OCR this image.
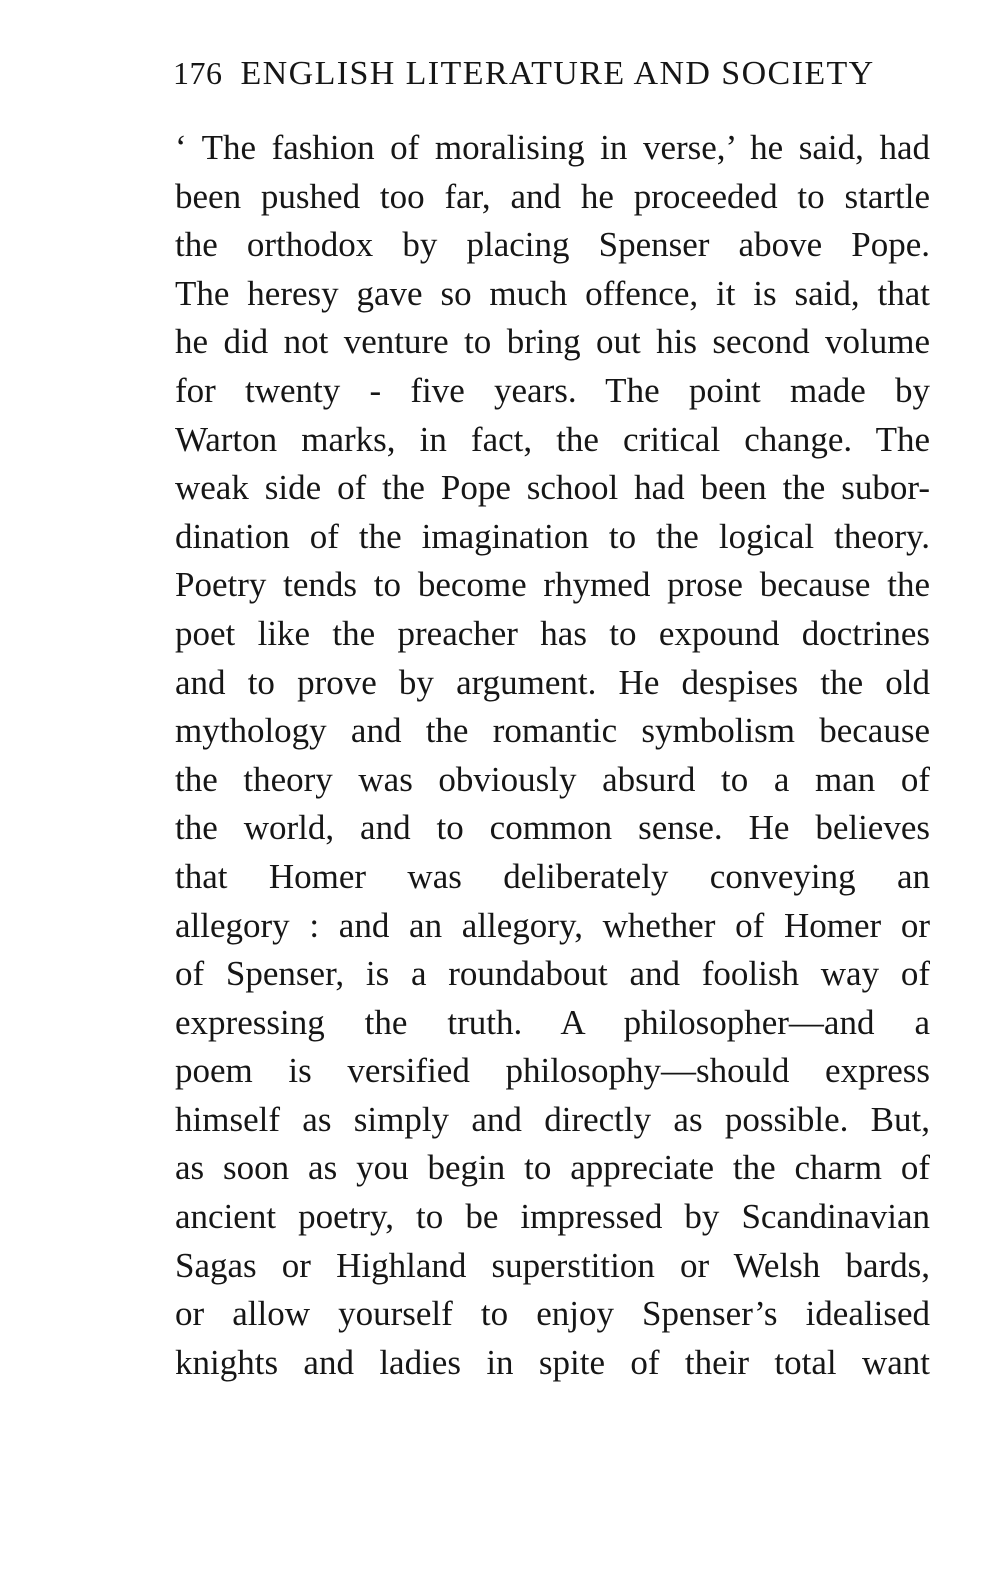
176 ENGLISH LITERATURE AND SOCIETY
‘ The fashion of moralising in verse,’ he said, had
been pushed too far, and he proceeded to startle
the orthodox by placing Spenser above Pope.
The heresy gave so much offence, it is said, that
he did not venture to bring out his second volume
for twenty - five years. The point made by
Warton marks, in fact, the critical change. The
weak side of the Pope school had been the subor-
dination of the imagination to the logical theory.
Poetry tends to become rhymed prose because the
poet like the preacher has to expound doctrines
and to prove by argument. He despises the old
mythology and the romantic symbolism because
the theory was obviously absurd to a man of
the world, and to common sense. He believes
that Homer was deliberately conveying an
allegory : and an allegory, whether of Homer or
of Spenser, is a roundabout and foolish way of
expressing the truth. A philosopher—and a
poem is versified philosophy—should express
himself as simply and directly as possible. But,
as soon as you begin to appreciate the charm of
ancient poetry, to be impressed by Scandinavian
Sagas or Highland superstition or Welsh bards,
or allow yourself to enjoy Spenser’s idealised
knights and ladies in spite of their total want
